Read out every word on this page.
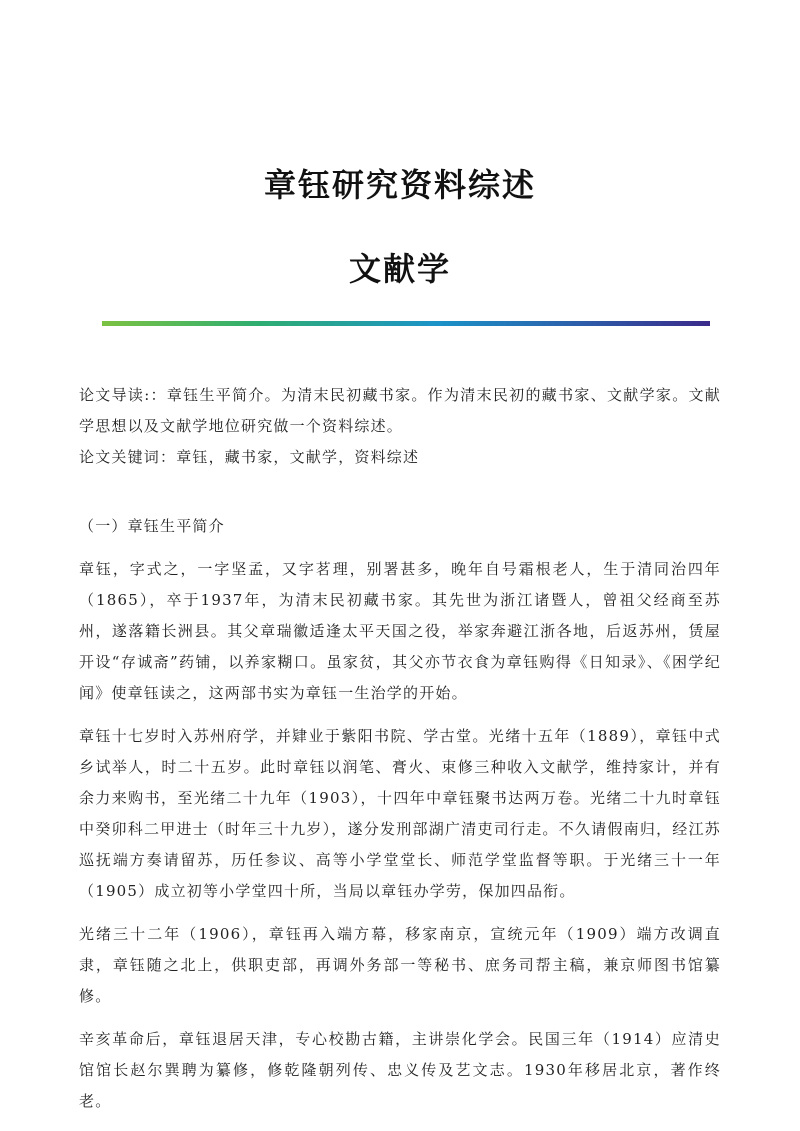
章钰研究资料综述
文献学

论文导读:：章钰生平简介。为清末民初藏书家。作为清末民初的藏书家、文献学家。文献学思想以及文献学地位研究做一个资料综述。

论文关键词：章钰，藏书家，文献学，资料综述

（一）章钰生平简介

章钰，字式之，一字坚孟，又字茗理，别署甚多，晚年自号霜根老人，生于清同治四年（1865），卒于1937年，为清末民初藏书家。其先世为浙江诸暨人，曾祖父经商至苏州，遂落籍长洲县。其父章瑞徽适逢太平天国之役，举家奔避江浙各地，后返苏州，赁屋开设“存诚斋”药铺，以养家糊口。虽家贫，其父亦节衣食为章钰购得《日知录》、《困学纪闻》使章钰读之，这两部书实为章钰一生治学的开始。

章钰十七岁时入苏州府学，并肄业于紫阳书院、学古堂。光绪十五年（1889），章钰中式乡试举人，时二十五岁。此时章钰以润笔、膏火、束修三种收入文献学，维持家计，并有余力来购书，至光绪二十九年（1903），十四年中章钰聚书达两万卷。光绪二十九时章钰中癸卯科二甲进士（时年三十九岁），遂分发刑部湖广清吏司行走。不久请假南归，经江苏巡抚端方奏请留苏，历任参议、高等小学堂堂长、师范学堂监督等职。于光绪三十一年（1905）成立初等小学堂四十所，当局以章钰办学劳，保加四品衔。

光绪三十二年（1906），章钰再入端方幕，移家南京，宣统元年（1909）端方改调直隶，章钰随之北上，供职吏部，再调外务部一等秘书、庶务司帮主稿，兼京师图书馆纂修。

辛亥革命后，章钰退居天津，专心校勘古籍，主讲崇化学会。民国三年（1914）应清史馆馆长赵尔巽聘为纂修，修乾隆朝列传、忠义传及艺文志。1930年移居北京，著作终老。
